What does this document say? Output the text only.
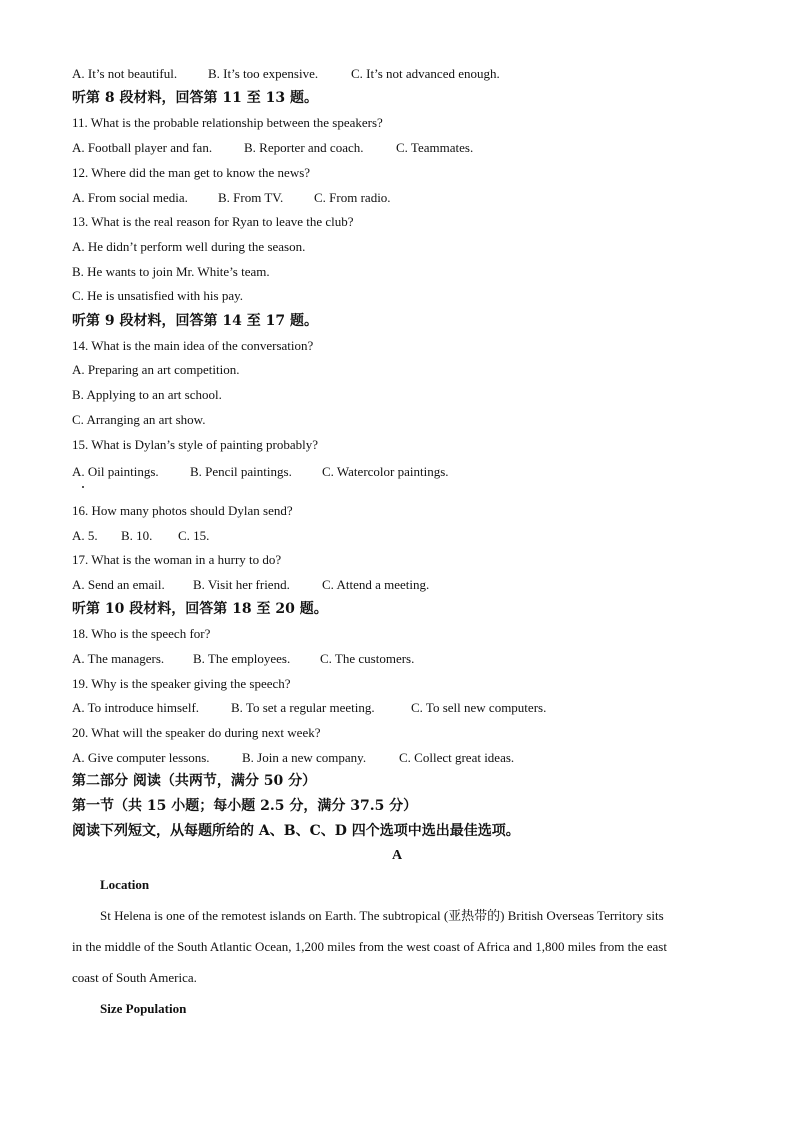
A. It’s not beautiful. B. It’s too expensive.	C. It’s not advanced enough.
听第 8 段材料，回答第 11 至 13 题。
11. What is the probable relationship between the speakers?
A. Football player and fan. B. Reporter and coach.	C. Teammates.
12. Where did the man get to know the news?
A. From social media. B. From TV. C. From radio.
13. What is the real reason for Ryan to leave the club?
A. He didn’t perform well during the season.
B. He wants to join Mr. White’s team.
C. He is unsatisfied with his pay.
听第 9 段材料，回答第 14 至 17 题。
14. What is the main idea of the conversation?
A. Preparing an art competition.
B. Applying to an art school.
C. Arranging an art show.
15. What is Dylan’s style of painting probably?
A. Oil paintings. B. Pencil paintings. C. Watercolor paintings.
16. How many photos should Dylan send?
A. 5. B. 10. C. 15.
17. What is the woman in a hurry to do?
A. Send an email. B. Visit her friend. C. Attend a meeting.
听第 10 段材料，回答第 18 至 20 题。
18. Who is the speech for?
A. The managers. B. The employees. C. The customers.
19. Why is the speaker giving the speech?
A. To introduce himself. B. To set a regular meeting.	C. To sell new computers.
20. What will the speaker do during next week?
A. Give computer lessons. B. Join a new company.	C. Collect great ideas.
第二部分 阅读（共两节，满分 50 分）
第一节（共 15 小题；每小题 2.5 分，满分 37.5 分）
阅读下列短文，从每题所给的 A、B、C、D 四个选项中选出最佳选项。
A
Location
St Helena is one of the remotest islands on Earth. The subtropical (亚热带的) British Overseas Territory sits
in the middle of the South Atlantic Ocean, 1,200 miles from the west coast of Africa and 1,800 miles from the east
coast of South America.
Size Population
